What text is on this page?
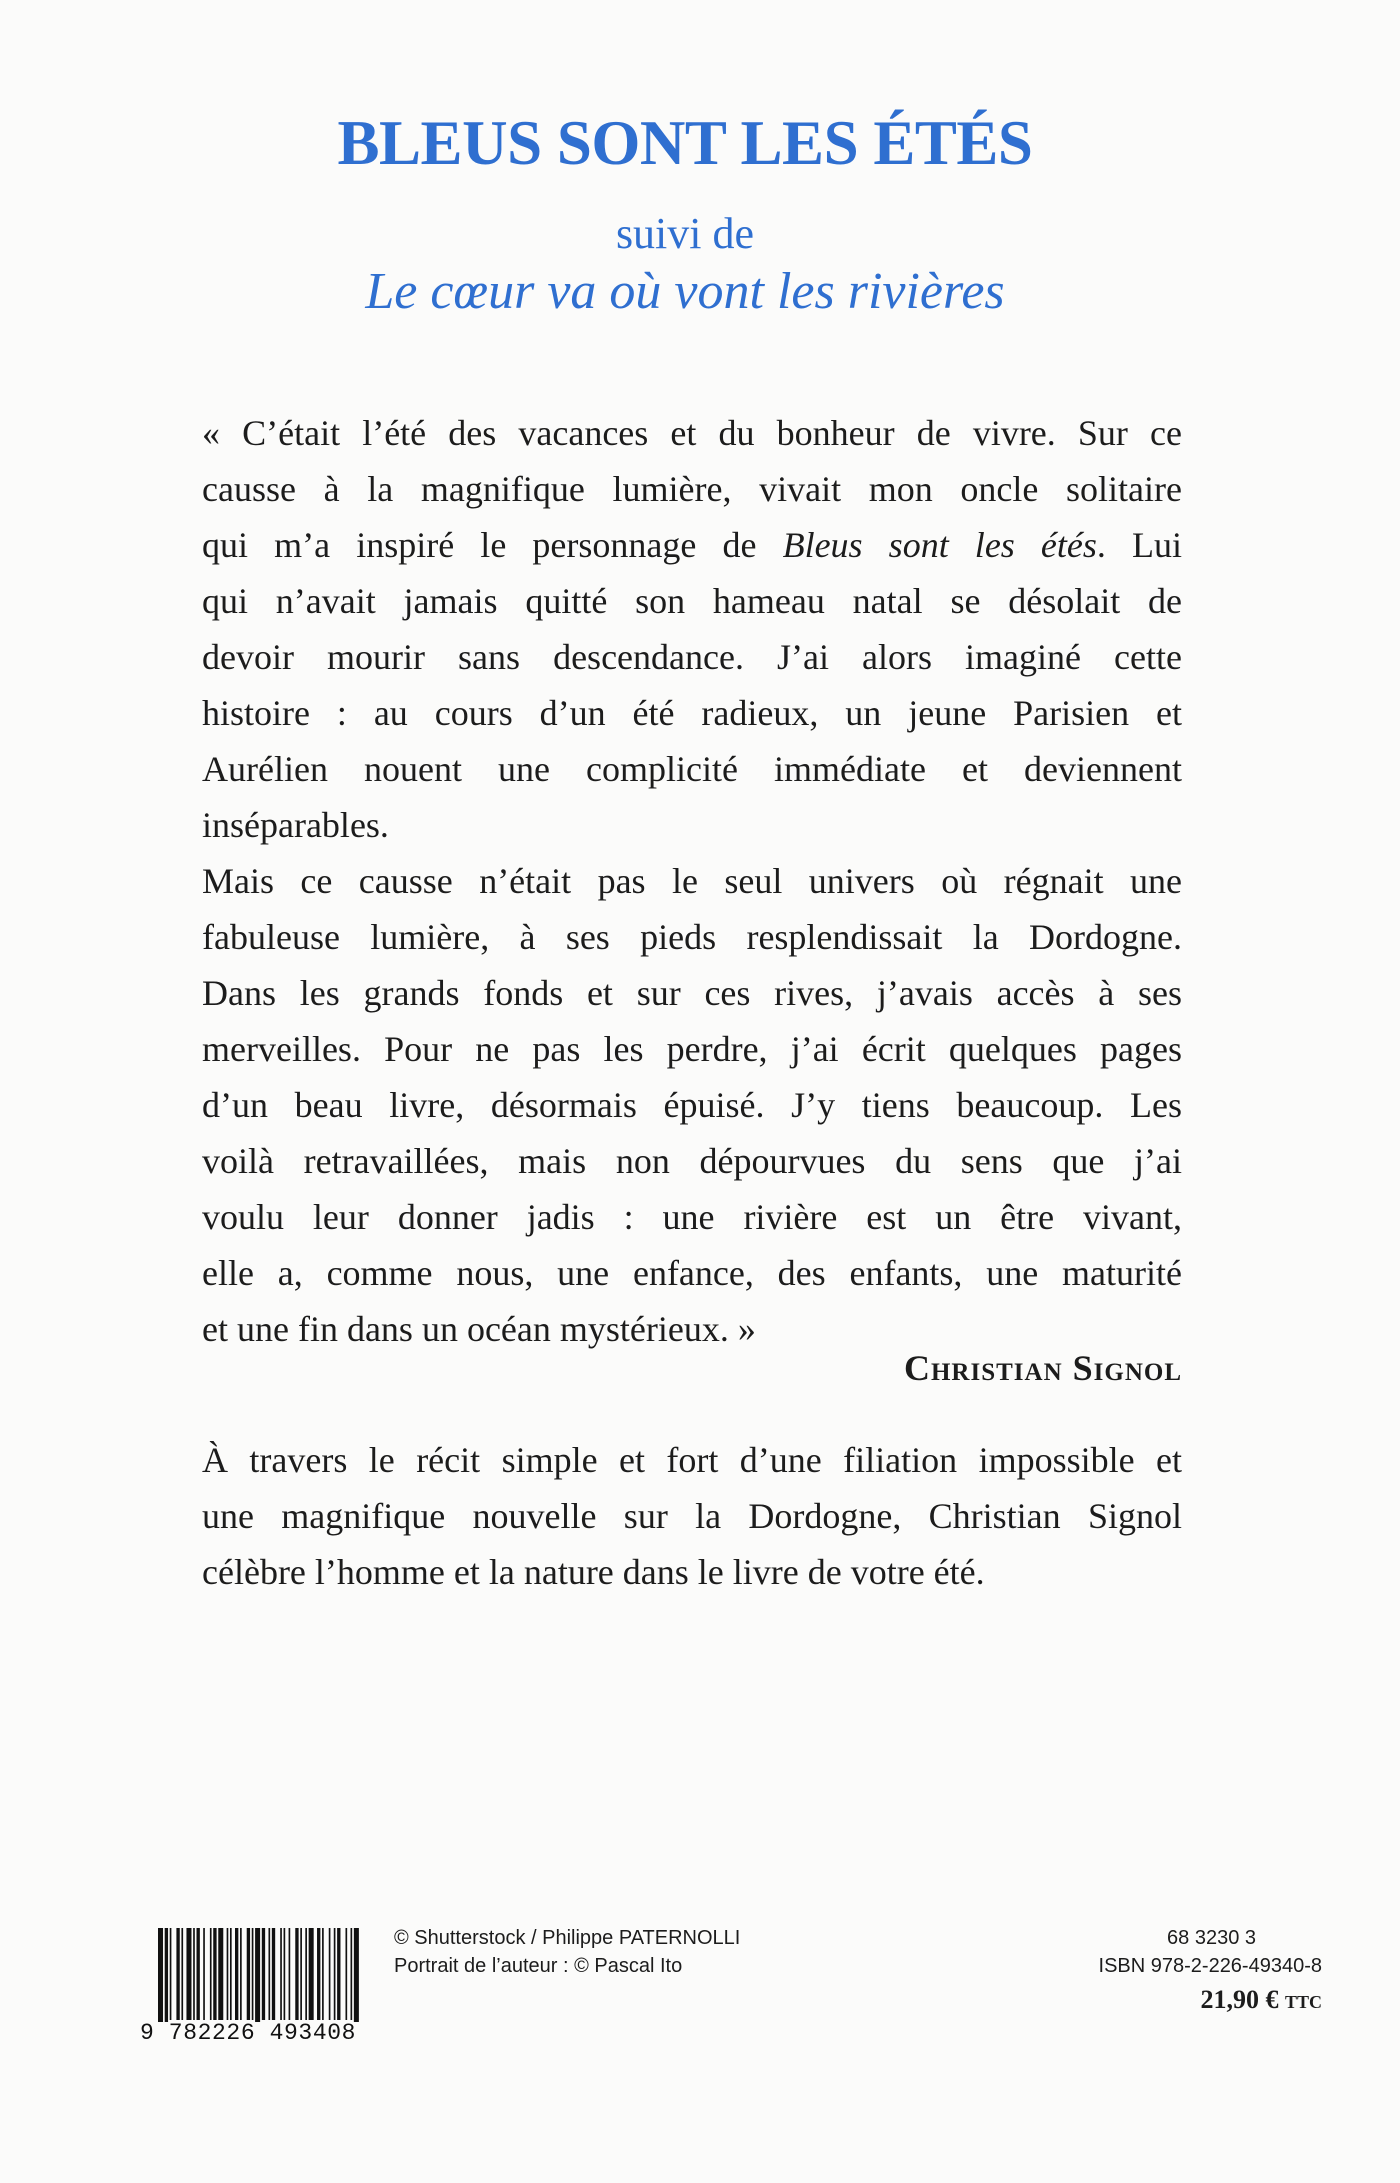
BLEUS SONT LES ÉTÉS
suivi de
Le cœur va où vont les rivières
« C’était l’été des vacances et du bonheur de vivre. Sur ce
causse à la magnifique lumière, vivait mon oncle solitaire
qui m’a inspiré le personnage de Bleus sont les étés. Lui
qui n’avait jamais quitté son hameau natal se désolait de
devoir mourir sans descendance. J’ai alors imaginé cette
histoire : au cours d’un été radieux, un jeune Parisien et
Aurélien nouent une complicité immédiate et deviennent
inséparables.
Mais ce causse n’était pas le seul univers où régnait une
fabuleuse lumière, à ses pieds resplendissait la Dordogne.
Dans les grands fonds et sur ces rives, j’avais accès à ses
merveilles. Pour ne pas les perdre, j’ai écrit quelques pages
d’un beau livre, désormais épuisé. J’y tiens beaucoup. Les
voilà retravaillées, mais non dépourvues du sens que j’ai
voulu leur donner jadis : une rivière est un être vivant,
elle a, comme nous, une enfance, des enfants, une maturité
et une fin dans un océan mystérieux. »
Christian Signol
À travers le récit simple et fort d’une filiation impossible et
une magnifique nouvelle sur la Dordogne, Christian Signol
célèbre l’homme et la nature dans le livre de votre été.
9 782226 493408
© Shutterstock / Philippe PATERNOLLI
Portrait de l’auteur : © Pascal Ito
68 3230 3
ISBN 978-2-226-49340-8
21,90 € TTC
